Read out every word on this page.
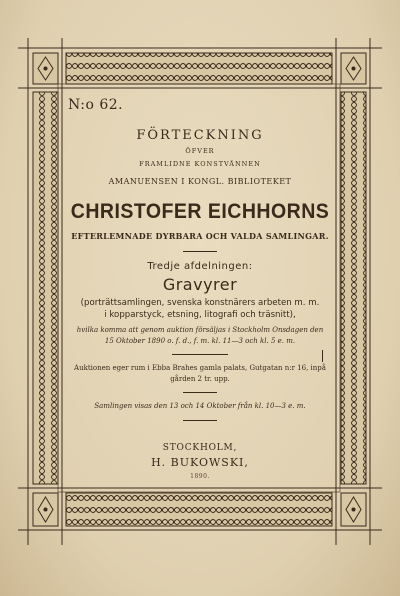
N:o 62.
FÖRTECKNING
ÖFVER
FRAMLIDNE KONSTVÄNNEN
AMANUENSEN I KONGL. BIBLIOTEKET
CHRISTOFER EICHHORNS
EFTERLEMNADE DYRBARA OCH VALDA SAMLINGAR.
Tredje afdelningen:
Gravyrer
(porträttsamlingen, svenska konstnärers arbeten m. m.
i kopparstyck, etsning, litografi och träsnitt),
hvilka komma att genom auktion försäljas i Stockholm Onsdagen den
15 Oktober 1890 o. f. d., f. m. kl. 11—3 och kl. 5 e. m.
Auktionen eger rum i Ebba Brahes gamla palats, Gutgatan n:r 16, inpå
gården 2 tr. upp.
Samlingen visas den 13 och 14 Oktober från kl. 10—3 e. m.
STOCKHOLM,
H. BUKOWSKI,
1890.
